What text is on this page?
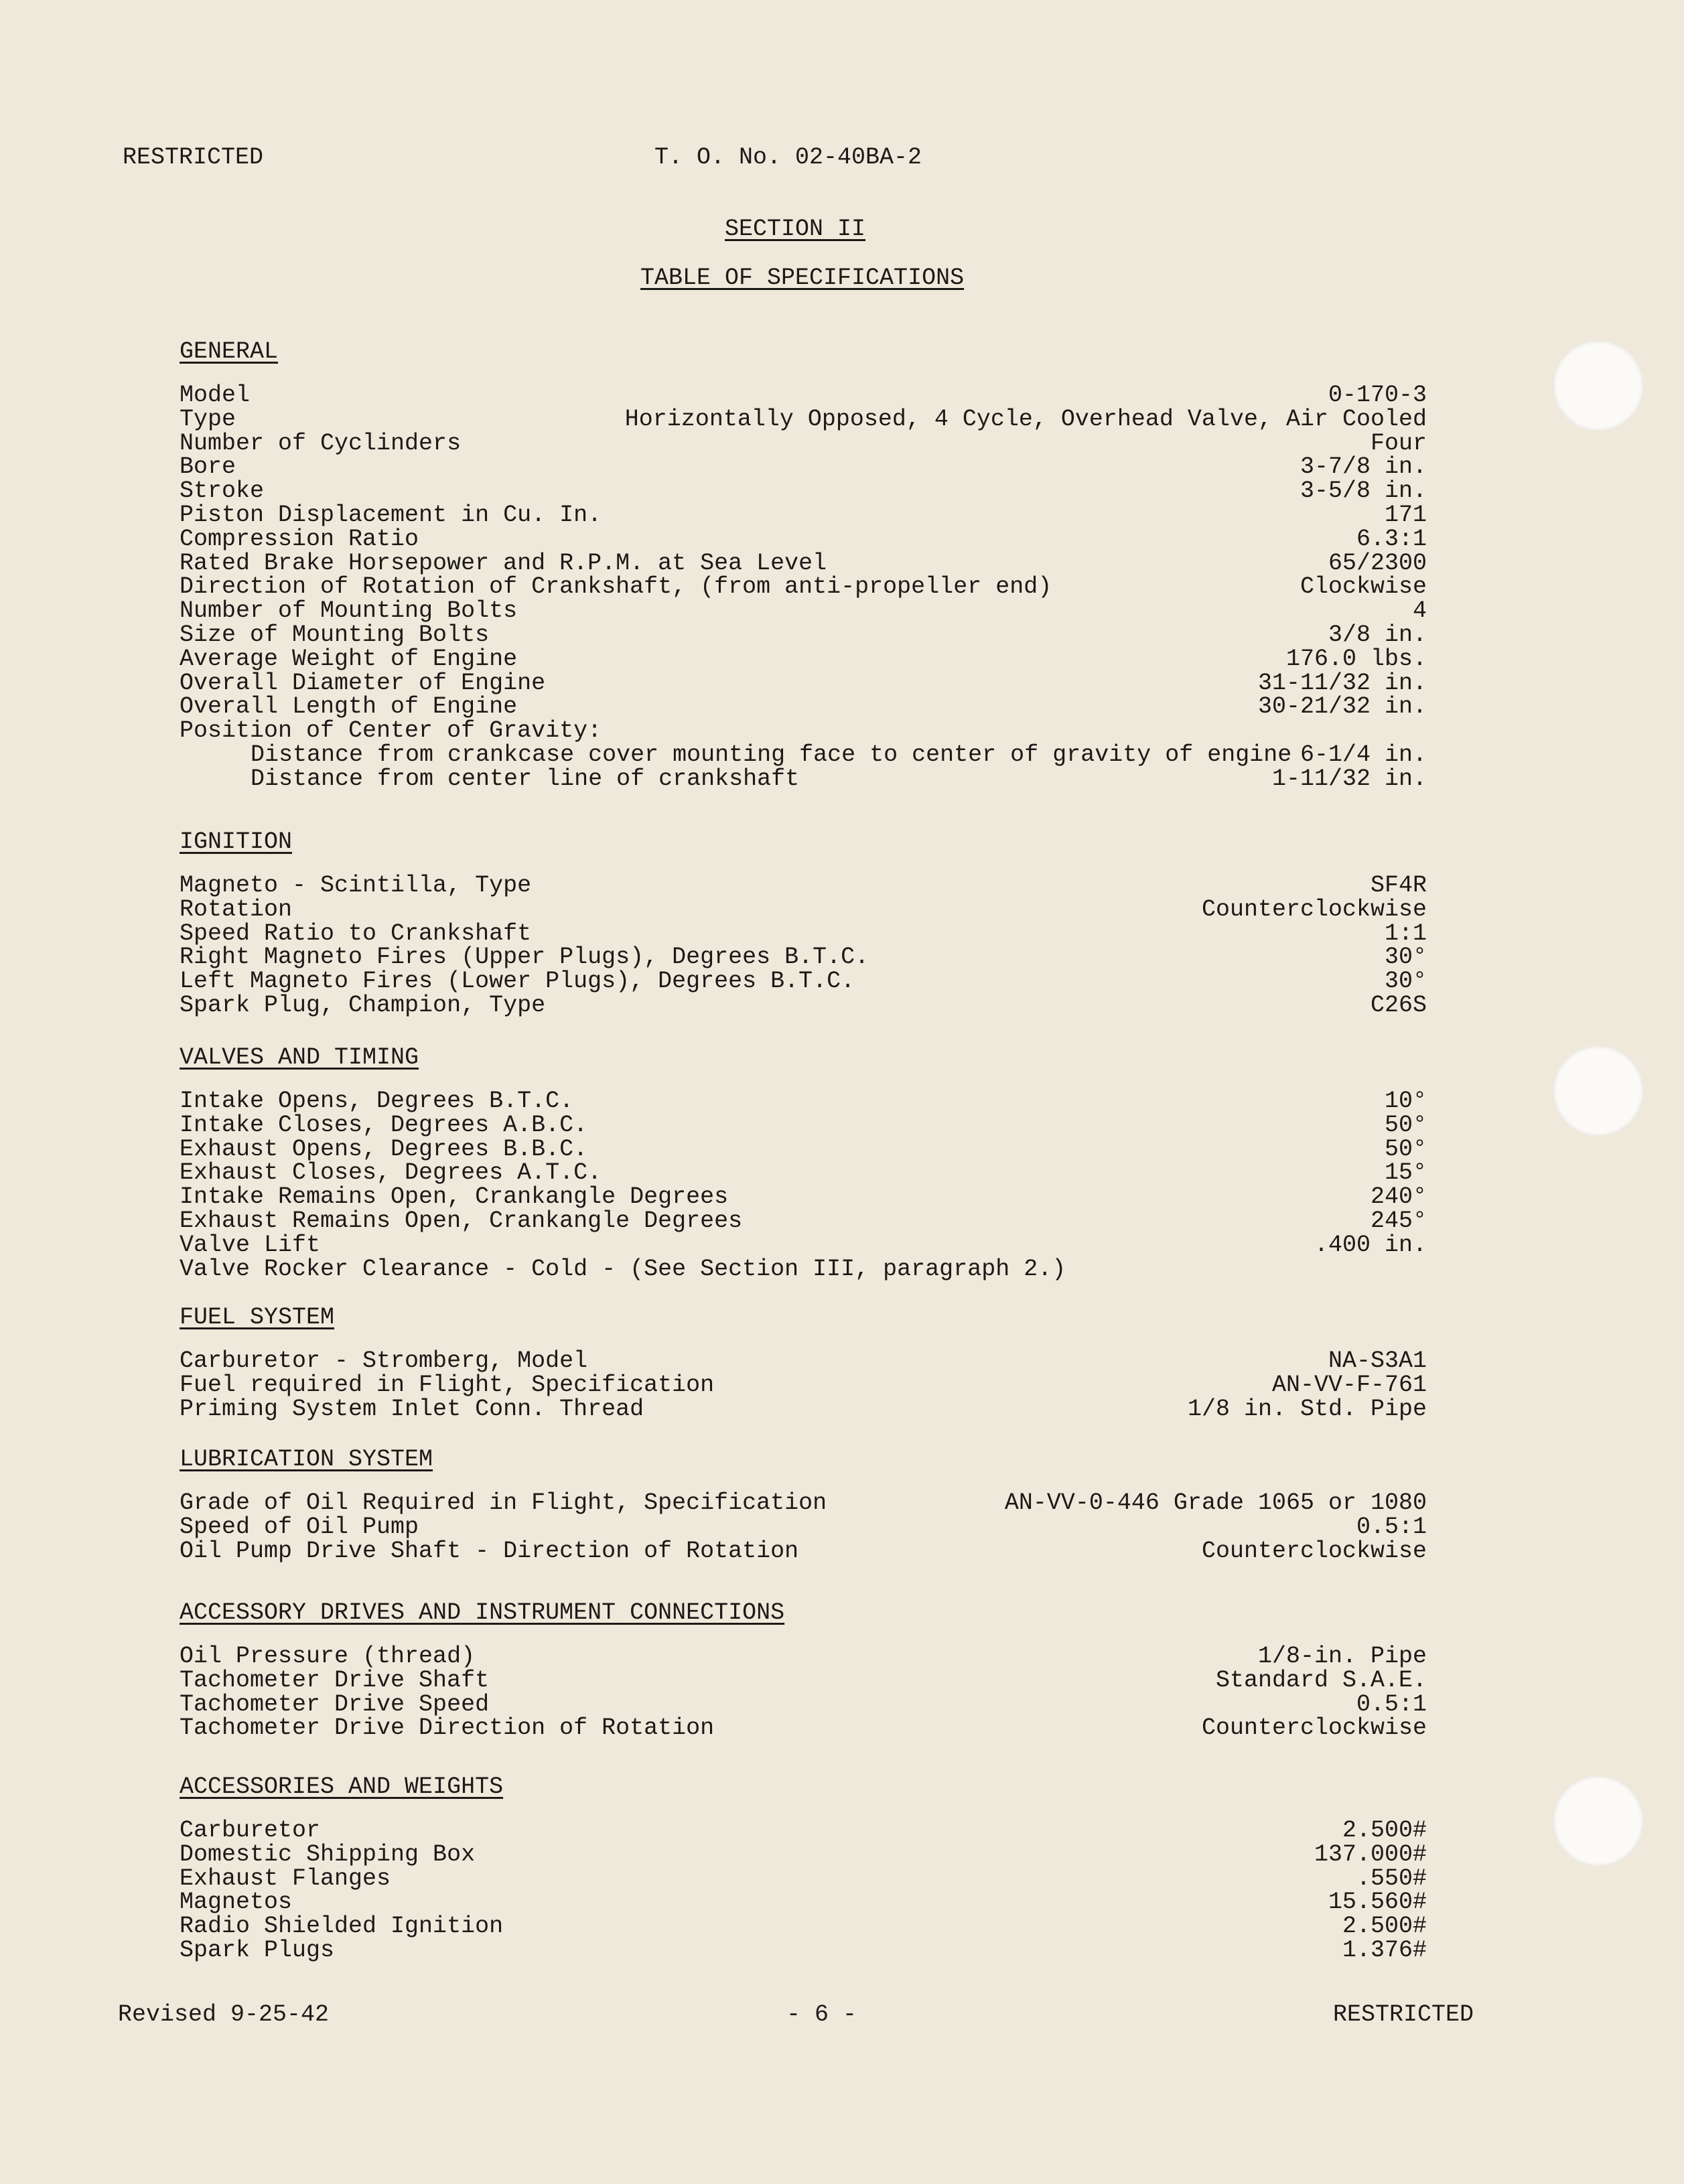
RESTRICTED	T. O. No. 02-40BA-2
SECTION II
TABLE OF SPECIFICATIONS
GENERAL
Model	0-170-3
Type	Horizontally Opposed, 4 Cycle, Overhead Valve, Air Cooled
Number of Cyclinders	Four
Bore	3-7/8 in.
Stroke	3-5/8 in.
Piston Displacement in Cu. In.	171
Compression Ratio	6.3:1
Rated Brake Horsepower and R.P.M. at Sea Level	65/2300
Direction of Rotation of Crankshaft, (from anti-propeller end)	Clockwise
Number of Mounting Bolts	4
Size of Mounting Bolts	3/8 in.
Average Weight of Engine	176.0 lbs.
Overall Diameter of Engine	31-11/32 in.
Overall Length of Engine	30-21/32 in.
Position of Center of Gravity:
Distance from crankcase cover mounting face to center of gravity of engine 6-1/4 in.
Distance from center line of crankshaft	1-11/32 in.
IGNITION
Magneto - Scintilla, Type	SF4R
Rotation	Counterclockwise
Speed Ratio to Crankshaft	1:1
Right Magneto Fires (Upper Plugs), Degrees B.T.C.	30°
Left Magneto Fires (Lower Plugs), Degrees B.T.C.	30°
Spark Plug, Champion, Type	C26S
VALVES AND TIMING
Intake Opens, Degrees B.T.C.	10°
Intake Closes, Degrees A.B.C.	50°
Exhaust Opens, Degrees B.B.C.	50°
Exhaust Closes, Degrees A.T.C.	15°
Intake Remains Open, Crankangle Degrees	240°
Exhaust Remains Open, Crankangle Degrees	245°
Valve Lift	.400 in.
Valve Rocker Clearance - Cold - (See Section III, paragraph 2.)
FUEL SYSTEM
Carburetor - Stromberg, Model	NA-S3A1
Fuel required in Flight, Specification	AN-VV-F-761
Priming System Inlet Conn. Thread	1/8 in. Std. Pipe
LUBRICATION SYSTEM
Grade of Oil Required in Flight, Specification	AN-VV-0-446 Grade 1065 or 1080
Speed of Oil Pump	0.5:1
Oil Pump Drive Shaft - Direction of Rotation	Counterclockwise
ACCESSORY DRIVES AND INSTRUMENT CONNECTIONS
Oil Pressure (thread)	1/8-in. Pipe
Tachometer Drive Shaft	Standard S.A.E.
Tachometer Drive Speed	0.5:1
Tachometer Drive Direction of Rotation	Counterclockwise
ACCESSORIES AND WEIGHTS
Carburetor	2.500#
Domestic Shipping Box	137.000#
Exhaust Flanges	.550#
Magnetos	15.560#
Radio Shielded Ignition	2.500#
Spark Plugs	1.376#
Revised 9-25-42	- 6 -	RESTRICTED
